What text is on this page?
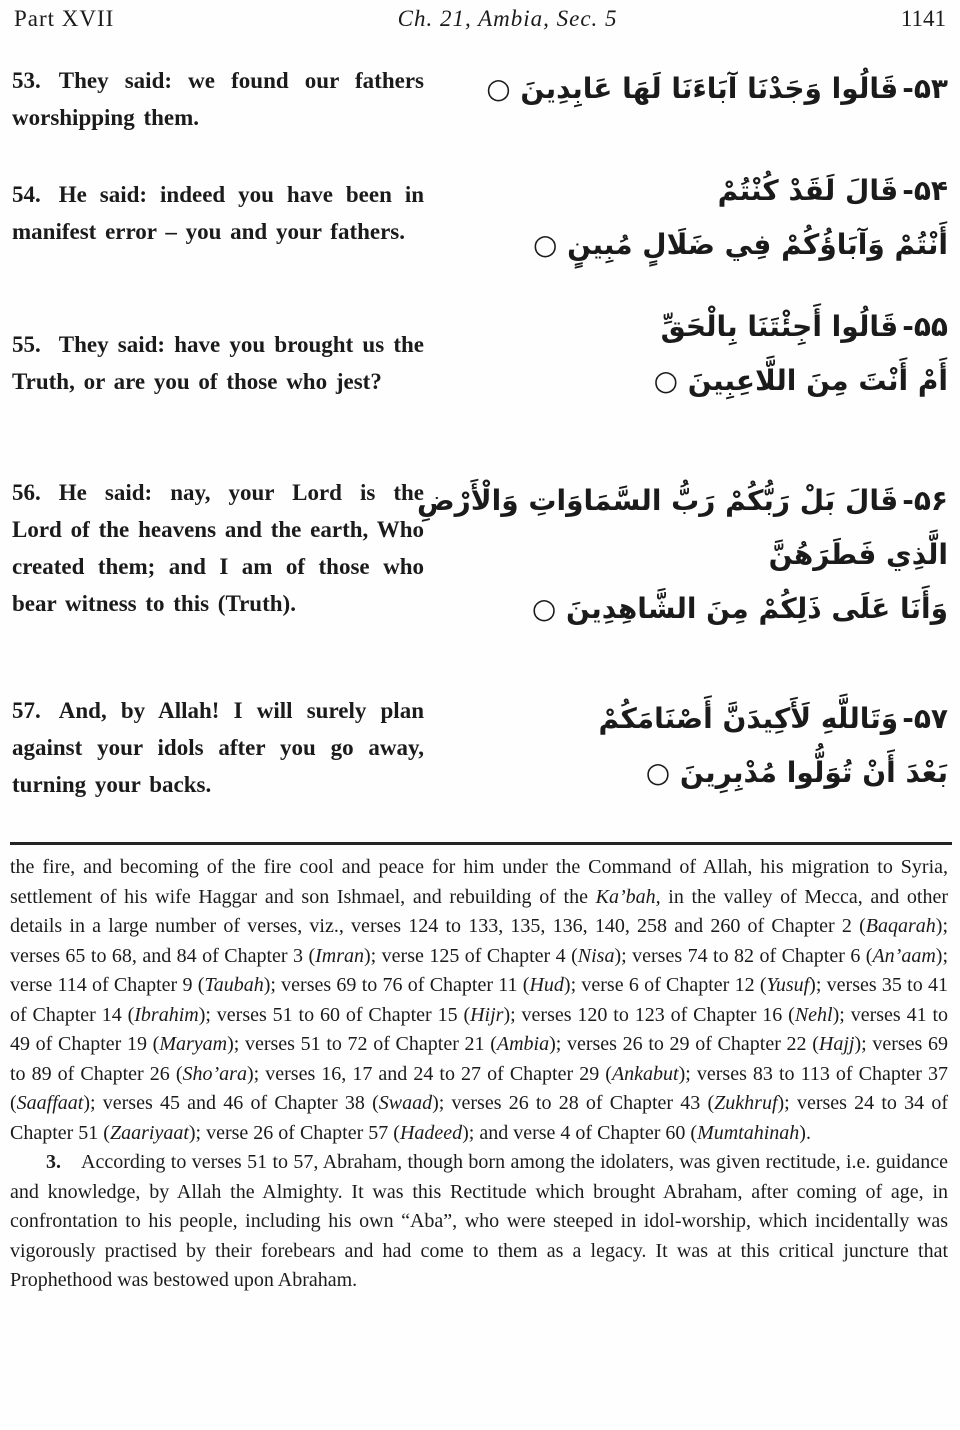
Part XVII	Ch. 21, Ambia, Sec. 5	1141
53. They said: we found our fathers worshipping them.
۵۳-قَالُوا وَجَدْنَا آبَاءَنَا لَهَا عَابِدِينَ ○
54. He said: indeed you have been in manifest error – you and your fathers.
۵۴-قَالَ لَقَدْ كُنْتُمْ
أَنْتُمْ وَآبَاؤُكُمْ فِي ضَلَالٍ مُبِينٍ ○
55. They said: have you brought us the Truth, or are you of those who jest?
۵۵-قَالُوا أَجِئْتَنَا بِالْحَقِّ
أَمْ أَنْتَ مِنَ اللَّاعِبِينَ ○
56. He said: nay, your Lord is the Lord of the heavens and the earth, Who created them; and I am of those who bear witness to this (Truth).
۵۶-قَالَ بَلْ رَبُّكُمْ رَبُّ السَّمَاوَاتِ وَالْأَرْضِ
الَّذِي فَطَرَهُنَّ
وَأَنَا عَلَى ذَلِكُمْ مِنَ الشَّاهِدِينَ ○
57. And, by Allah! I will surely plan against your idols after you go away, turning your backs.
۵۷-وَتَاللَّهِ لَأَكِيدَنَّ أَصْنَامَكُمْ
بَعْدَ أَنْ تُوَلُّوا مُدْبِرِينَ ○

the fire, and becoming of the fire cool and peace for him under the Command of Allah, his migration to Syria, settlement of his wife Haggar and son Ishmael, and rebuilding of the Ka’bah, in the valley of Mecca, and other details in a large number of verses, viz., verses 124 to 133, 135, 136, 140, 258 and 260 of Chapter 2 (Baqarah); verses 65 to 68, and 84 of Chapter 3 (Imran); verse 125 of Chapter 4 (Nisa); verses 74 to 82 of Chapter 6 (An’aam); verse 114 of Chapter 9 (Taubah); verses 69 to 76 of Chapter 11 (Hud); verse 6 of Chapter 12 (Yusuf); verses 35 to 41 of Chapter 14 (Ibrahim); verses 51 to 60 of Chapter 15 (Hijr); verses 120 to 123 of Chapter 16 (Nehl); verses 41 to 49 of Chapter 19 (Maryam); verses 51 to 72 of Chapter 21 (Ambia); verses 26 to 29 of Chapter 22 (Hajj); verses 69 to 89 of Chapter 26 (Sho’ara); verses 16, 17 and 24 to 27 of Chapter 29 (Ankabut); verses 83 to 113 of Chapter 37 (Saaffaat); verses 45 and 46 of Chapter 38 (Swaad); verses 26 to 28 of Chapter 43 (Zukhruf); verses 24 to 34 of Chapter 51 (Zaariyaat); verse 26 of Chapter 57 (Hadeed); and verse 4 of Chapter 60 (Mumtahinah).

3. According to verses 51 to 57, Abraham, though born among the idolaters, was given rectitude, i.e. guidance and knowledge, by Allah the Almighty. It was this Rectitude which brought Abraham, after coming of age, in confrontation to his people, including his own “Aba”, who were steeped in idol-worship, which incidentally was vigorously practised by their forebears and had come to them as a legacy. It was at this critical juncture that Prophethood was bestowed upon Abraham.
